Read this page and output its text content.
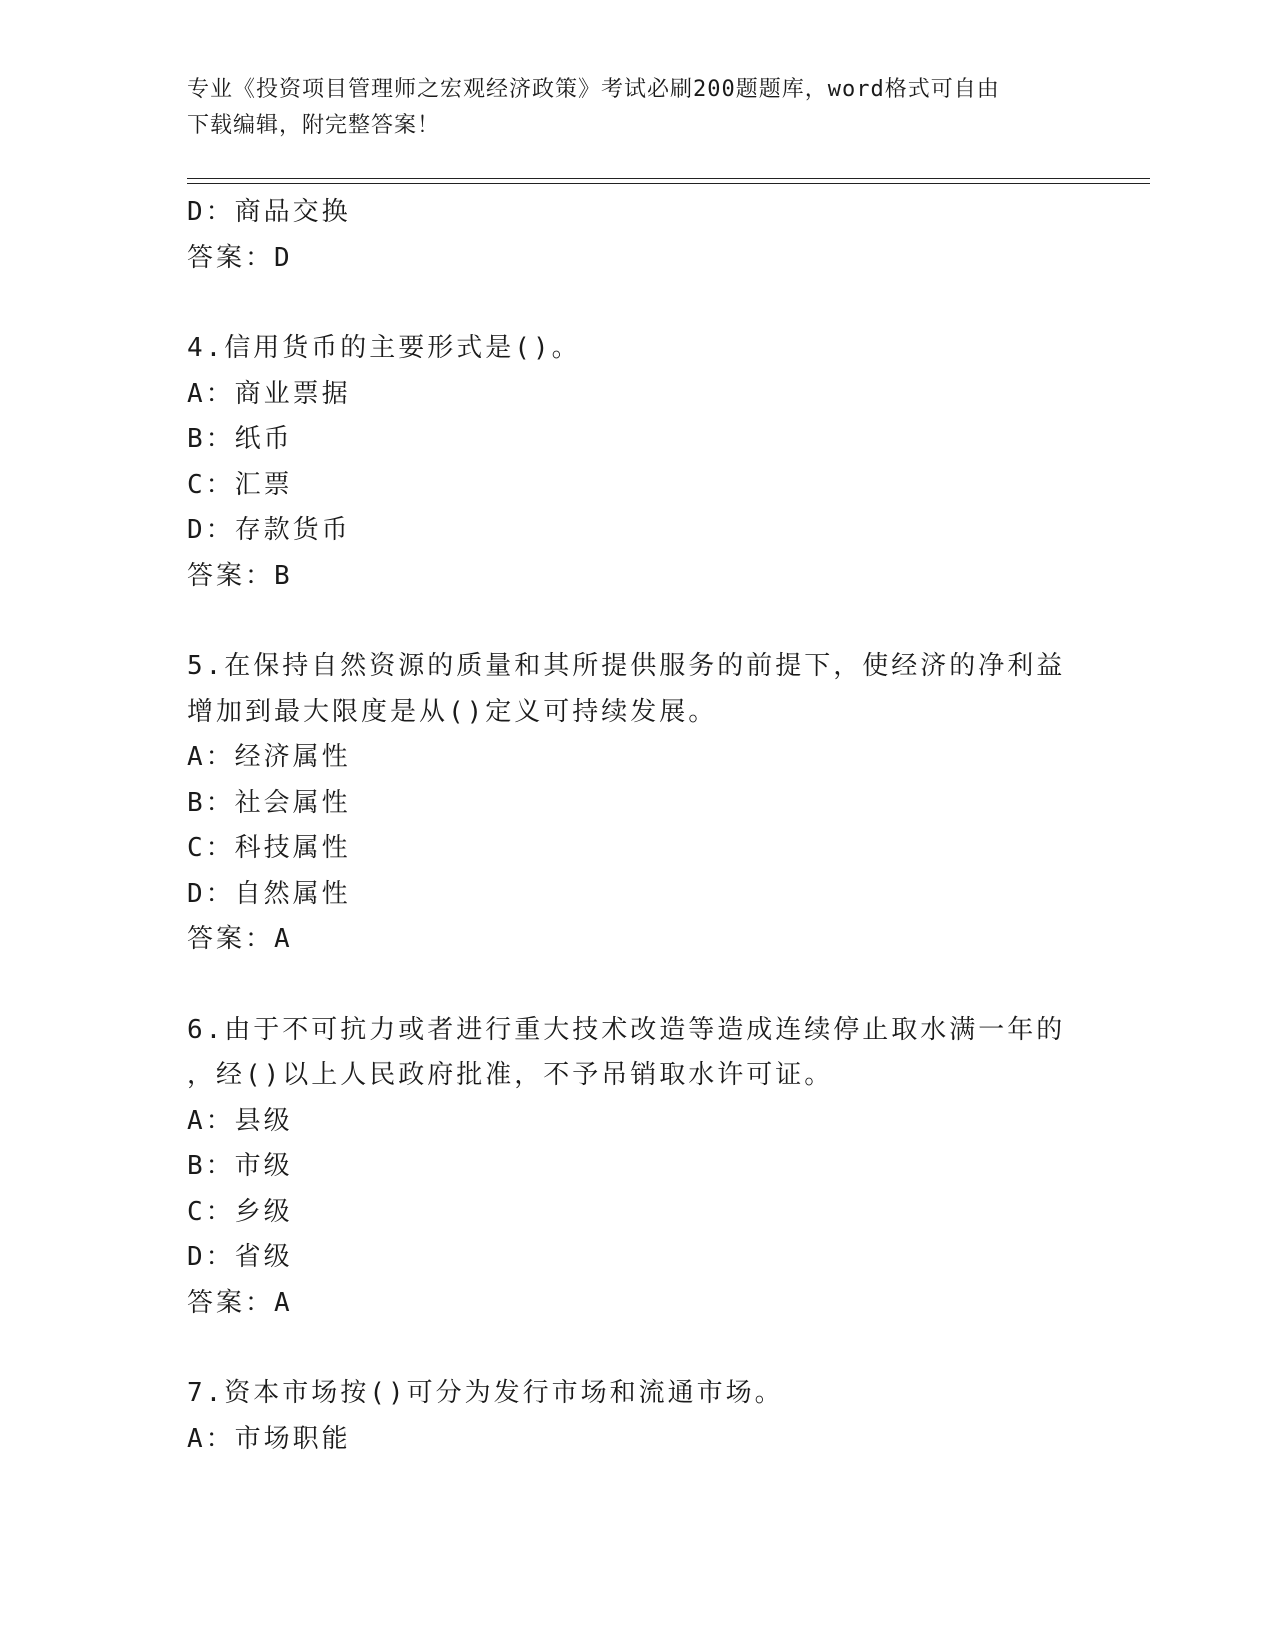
专业《投资项目管理师之宏观经济政策》考试必刷200题题库，word格式可自由
下载编辑，附完整答案！
D：商品交换
答案：D
4.信用货币的主要形式是()。
A：商业票据
B：纸币
C：汇票
D：存款货币
答案：B
5.在保持自然资源的质量和其所提供服务的前提下，使经济的净利益
增加到最大限度是从()定义可持续发展。
A：经济属性
B：社会属性
C：科技属性
D：自然属性
答案：A
6.由于不可抗力或者进行重大技术改造等造成连续停止取水满一年的
，经()以上人民政府批准，不予吊销取水许可证。
A：县级
B：市级
C：乡级
D：省级
答案：A
7.资本市场按()可分为发行市场和流通市场。
A：市场职能
